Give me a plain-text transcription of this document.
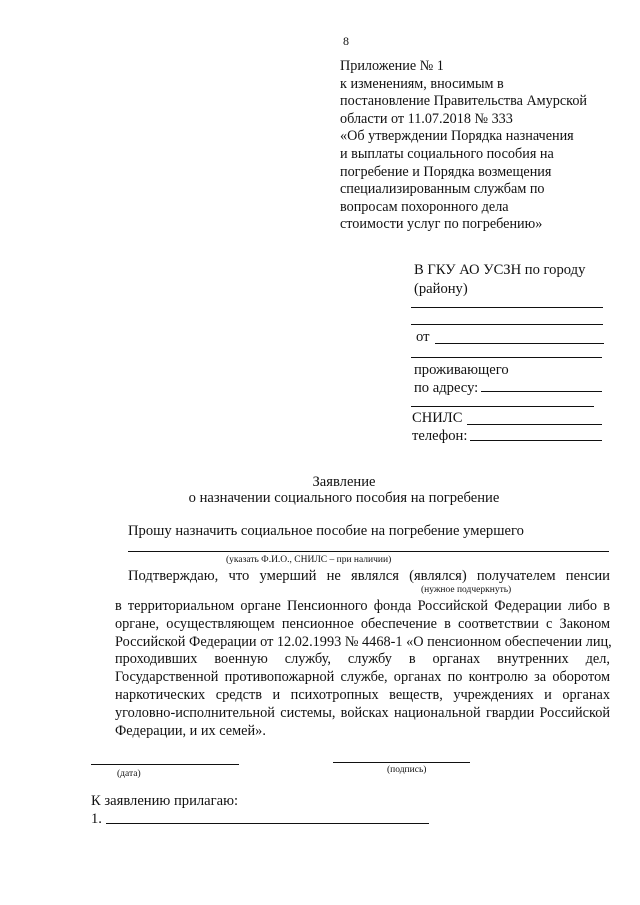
8
Приложение № 1
к изменениям, вносимым в
постановление Правительства Амурской
области от 11.07.2018 № 333
«Об утверждении Порядка назначения
и выплаты социального пособия на
погребение и Порядка возмещения
специализированным службам по
вопросам похоронного дела
стоимости услуг по погребению»
В ГКУ АО УСЗН по городу
(району)
от
проживающего
по адресу:
СНИЛС
телефон:
Заявление
о назначении социального пособия на погребение
Прошу назначить социальное пособие на погребение умершего
(указать Ф.И.О., СНИЛС – при наличии)
Подтверждаю, что умерший не являлся (являлся) получателем пенсии
(нужное подчеркнуть)
в территориальном органе Пенсионного фонда Российской Федерации либо в
органе, осуществляющем пенсионное обеспечение в соответствии с Законом
Российской Федерации от 12.02.1993 № 4468-1 «О пенсионном обеспечении лиц,
проходивших военную службу, службу в органах внутренних дел,
Государственной противопожарной службе, органах по контролю за оборотом
наркотических средств и психотропных веществ, учреждениях и органах
уголовно-исполнительной системы, войсках национальной гвардии Российской
Федерации, и их семей».
(дата)	(подпись)
К заявлению прилагаю:
1.
